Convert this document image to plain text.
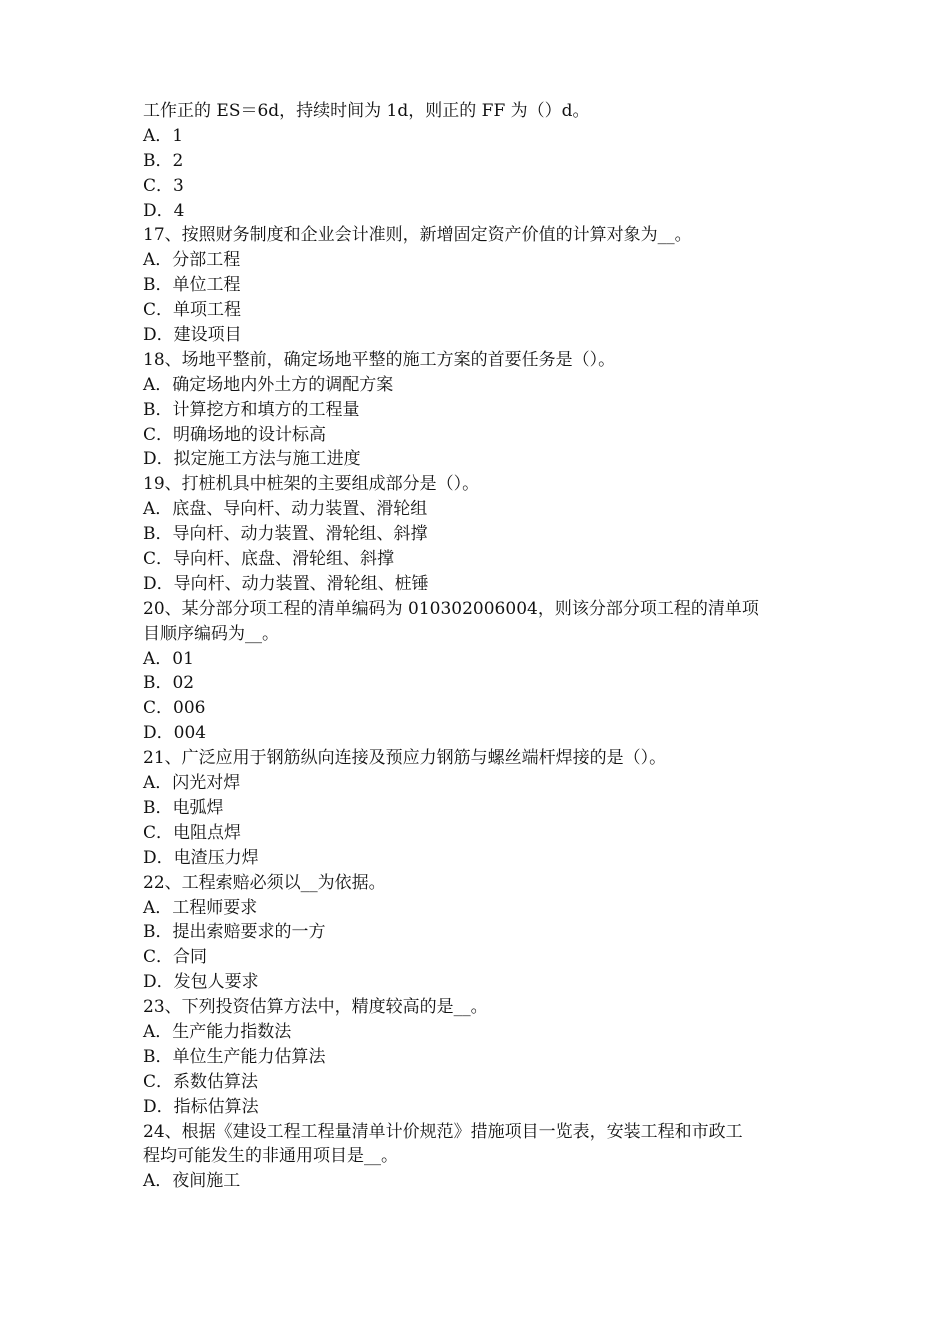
工作正的 ES＝6d，持续时间为 1d，则正的 FF 为（）d。
A．1
B．2
C．3
D．4
17、按照财务制度和企业会计准则，新增固定资产价值的计算对象为__。
A．分部工程
B．单位工程
C．单项工程
D．建设项目
18、场地平整前，确定场地平整的施工方案的首要任务是（）。
A．确定场地内外土方的调配方案
B．计算挖方和填方的工程量
C．明确场地的设计标高
D．拟定施工方法与施工进度
19、打桩机具中桩架的主要组成部分是（）。
A．底盘、导向杆、动力装置、滑轮组
B．导向杆、动力装置、滑轮组、斜撑
C．导向杆、底盘、滑轮组、斜撑
D．导向杆、动力装置、滑轮组、桩锤
20、某分部分项工程的清单编码为 010302006004，则该分部分项工程的清单项
目顺序编码为__。
A．01
B．02
C．006
D．004
21、广泛应用于钢筋纵向连接及预应力钢筋与螺丝端杆焊接的是（）。
A．闪光对焊
B．电弧焊
C．电阻点焊
D．电渣压力焊
22、工程索赔必须以__为依据。
A．工程师要求
B．提出索赔要求的一方
C．合同
D．发包人要求
23、下列投资估算方法中，精度较高的是__。
A．生产能力指数法
B．单位生产能力估算法
C．系数估算法
D．指标估算法
24、根据《建设工程工程量清单计价规范》措施项目一览表，安装工程和市政工
程均可能发生的非通用项目是__。
A．夜间施工
